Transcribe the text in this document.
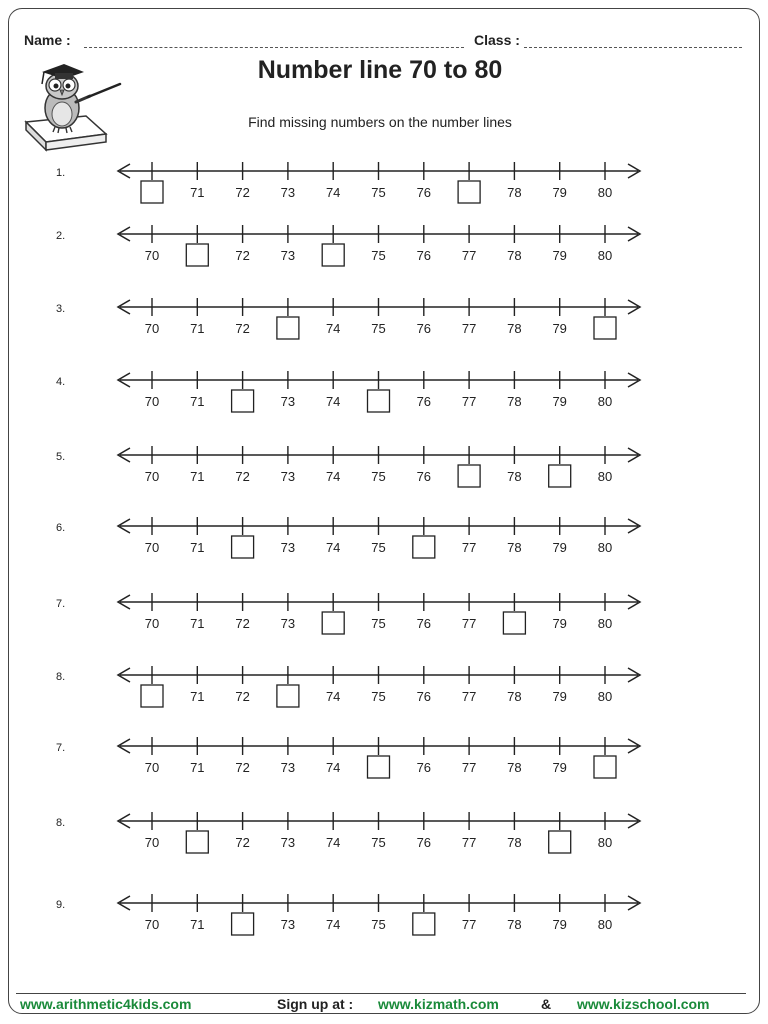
Name :	Class :
Number line 70 to 80
Find missing numbers on the number lines
1.
71 72 73 74 75 76	78 79 80
2.
70	72 73	75 76 77 78 79 80
3.
70 71 72	74 75 76 77 78 79
4.
70 71	73 74	76 77 78 79 80
5.
70 71 72 73 74 75 76	78	80
6.
70 71	73 74 75	77 78 79 80
7.
70 71 72 73	75 76 77	79 80
8.
71 72	74 75 76 77 78 79 80
7.
70 71 72 73 74	76 77 78 79
8.
70	72 73 74 75 76 77 78	80
9.
70 71	73 74 75	77 78 79 80
www.arithmetic4kids.com	Sign up at : www.kizmath.com	& www.kizschool.com
